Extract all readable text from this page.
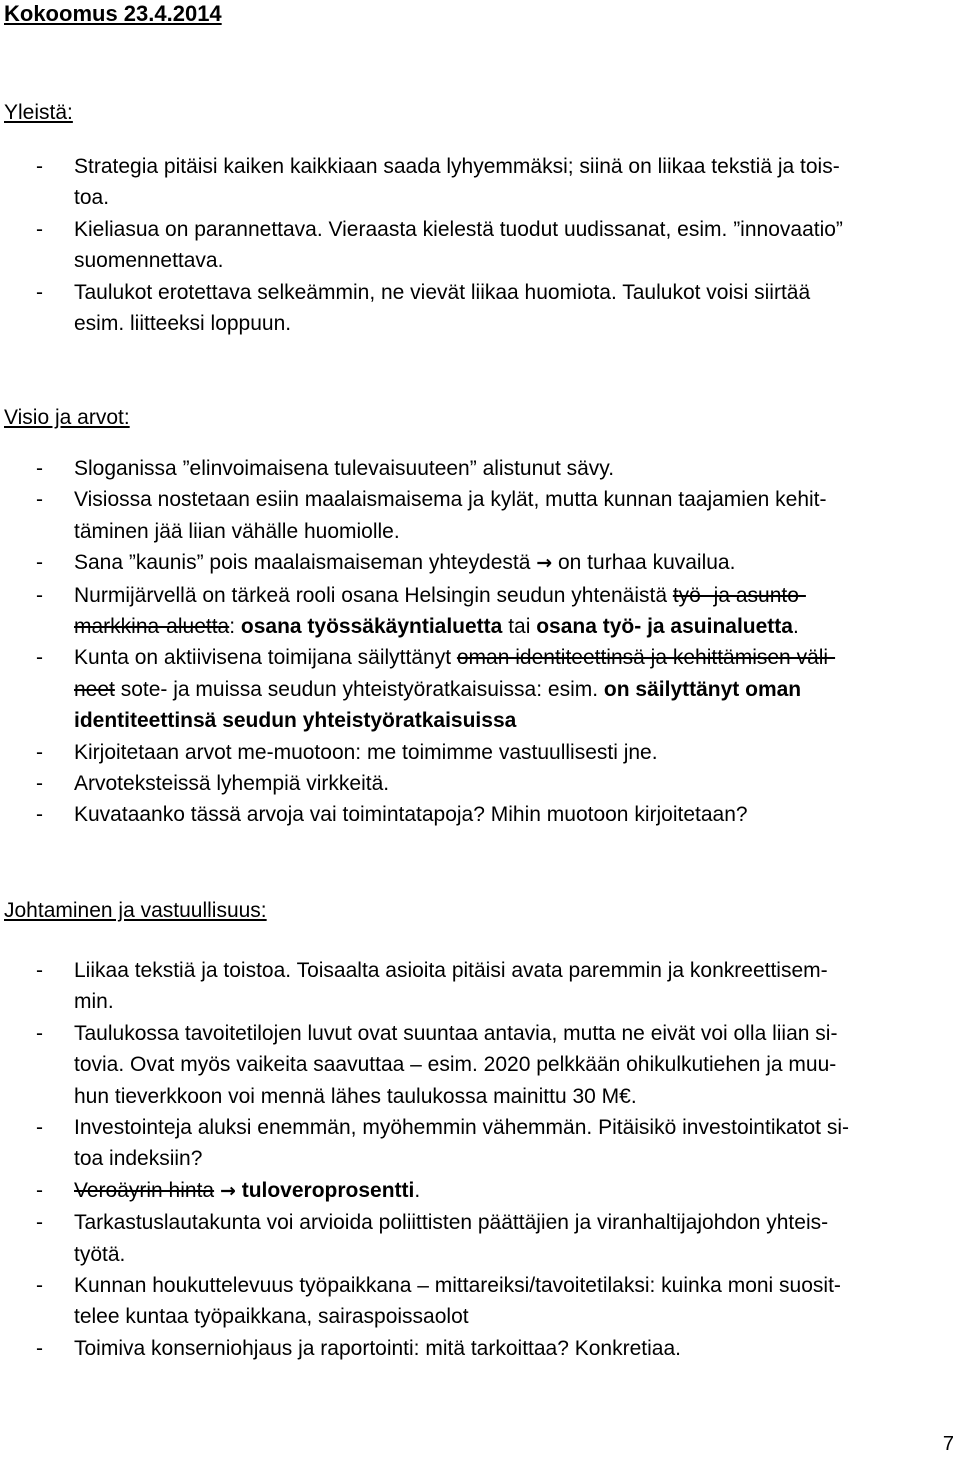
Kokoomus 23.4.2014
Yleistä:
- Strategia pitäisi kaiken kaikkiaan saada lyhyemmäksi; siinä on liikaa tekstiä ja tois-
toa.
- Kieliasua on parannettava. Vieraasta kielestä tuodut uudissanat, esim. ”innovaatio”
suomennettava.
- Taulukot erotettava selkeämmin, ne vievät liikaa huomiota. Taulukot voisi siirtää
esim. liitteeksi loppuun.
Visio ja arvot:
- Sloganissa ”elinvoimaisena tulevaisuuteen” alistunut sävy.
- Visiossa nostetaan esiin maalaismaisema ja kylät, mutta kunnan taajamien kehit-
täminen jää liian vähälle huomiolle.
- Sana ”kaunis” pois maalaismaiseman yhteydestä → on turhaa kuvailua.
- Nurmijärvellä on tärkeä rooli osana Helsingin seudun yhtenäistä työ- ja asunto-
markkina-aluetta: osana työssäkäyntialuetta tai osana työ- ja asuinaluetta.
- Kunta on aktiivisena toimijana säilyttänyt oman identiteettinsä ja kehittämisen väli-
neet sote- ja muissa seudun yhteistyöratkaisuissa: esim. on säilyttänyt oman
identiteettinsä seudun yhteistyöratkaisuissa
- Kirjoitetaan arvot me-muotoon: me toimimme vastuullisesti jne.
- Arvoteksteissä lyhempiä virkkeitä.
- Kuvataanko tässä arvoja vai toimintatapoja? Mihin muotoon kirjoitetaan?
Johtaminen ja vastuullisuus:
- Liikaa tekstiä ja toistoa. Toisaalta asioita pitäisi avata paremmin ja konkreettisem-
min.
- Taulukossa tavoitetilojen luvut ovat suuntaa antavia, mutta ne eivät voi olla liian si-
tovia. Ovat myös vaikeita saavuttaa – esim. 2020 pelkkään ohikulkutiehen ja muu-
hun tieverkkoon voi mennä lähes taulukossa mainittu 30 M€.
- Investointeja aluksi enemmän, myöhemmin vähemmän. Pitäisikö investointikatot si-
toa indeksiin?
- Veroäyrin hinta → tuloveroprosentti.
- Tarkastuslautakunta voi arvioida poliittisten päättäjien ja viranhaltijajohdon yhteis-
työtä.
- Kunnan houkuttelevuus työpaikkana – mittareiksi/tavoitetilaksi: kuinka moni suosit-
telee kuntaa työpaikkana, sairaspoissaolot
- Toimiva konserniohjaus ja raportointi: mitä tarkoittaa? Konkretiaa.
7
